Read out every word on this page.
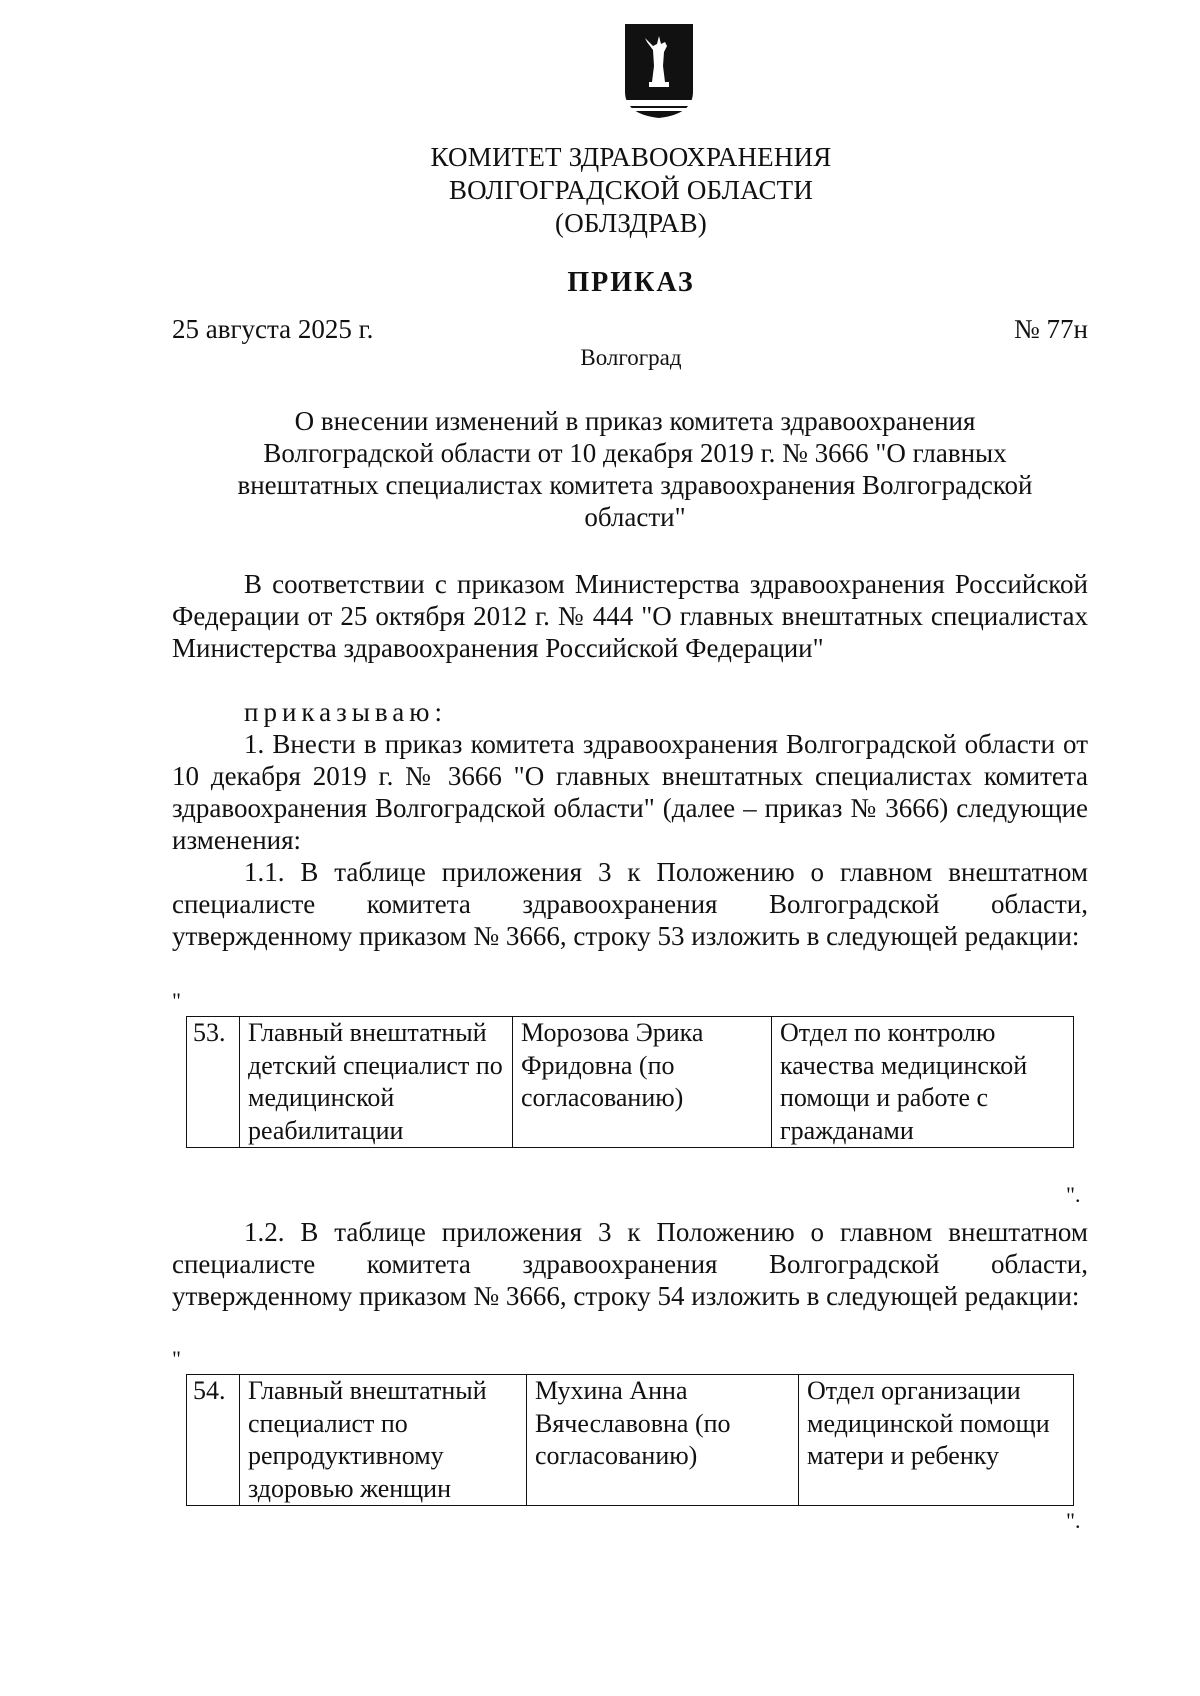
КОМИТЕТ ЗДРАВООХРАНЕНИЯ
ВОЛГОГРАДСКОЙ ОБЛАСТИ
(ОБЛЗДРАВ)
ПРИКАЗ
25 августа 2025 г.	№ 77н
Волгоград
О внесении изменений в приказ комитета здравоохранения Волгоградской области от 10 декабря 2019 г. № 3666 "О главных внештатных специалистах комитета здравоохранения Волгоградской области"
В соответствии с приказом Министерства здравоохранения Российской Федерации от 25 октября 2012 г. № 444 "О главных внештатных специалистах Министерства здравоохранения Российской Федерации"
приказываю:
1. Внести в приказ комитета здравоохранения Волгоградской области от 10 декабря 2019 г. № 3666 "О главных внештатных специалистах комитета здравоохранения Волгоградской области" (далее – приказ № 3666) следующие изменения:
1.1. В таблице приложения 3 к Положению о главном внештатном специалисте комитета здравоохранения Волгоградской области, утвержденному приказом № 3666, строку 53 изложить в следующей редакции:
"
53.	Главный внештатный детский специалист по медицинской реабилитации	Морозова Эрика Фридовна (по согласованию)	Отдел по контролю качества медицинской помощи и работе с гражданами
".
1.2. В таблице приложения 3 к Положению о главном внештатном специалисте комитета здравоохранения Волгоградской области, утвержденному приказом № 3666, строку 54 изложить в следующей редакции:
"
54.	Главный внештатный специалист по репродуктивному здоровью женщин	Мухина Анна Вячеславовна (по согласованию)	Отдел организации медицинской помощи матери и ребенку
".
